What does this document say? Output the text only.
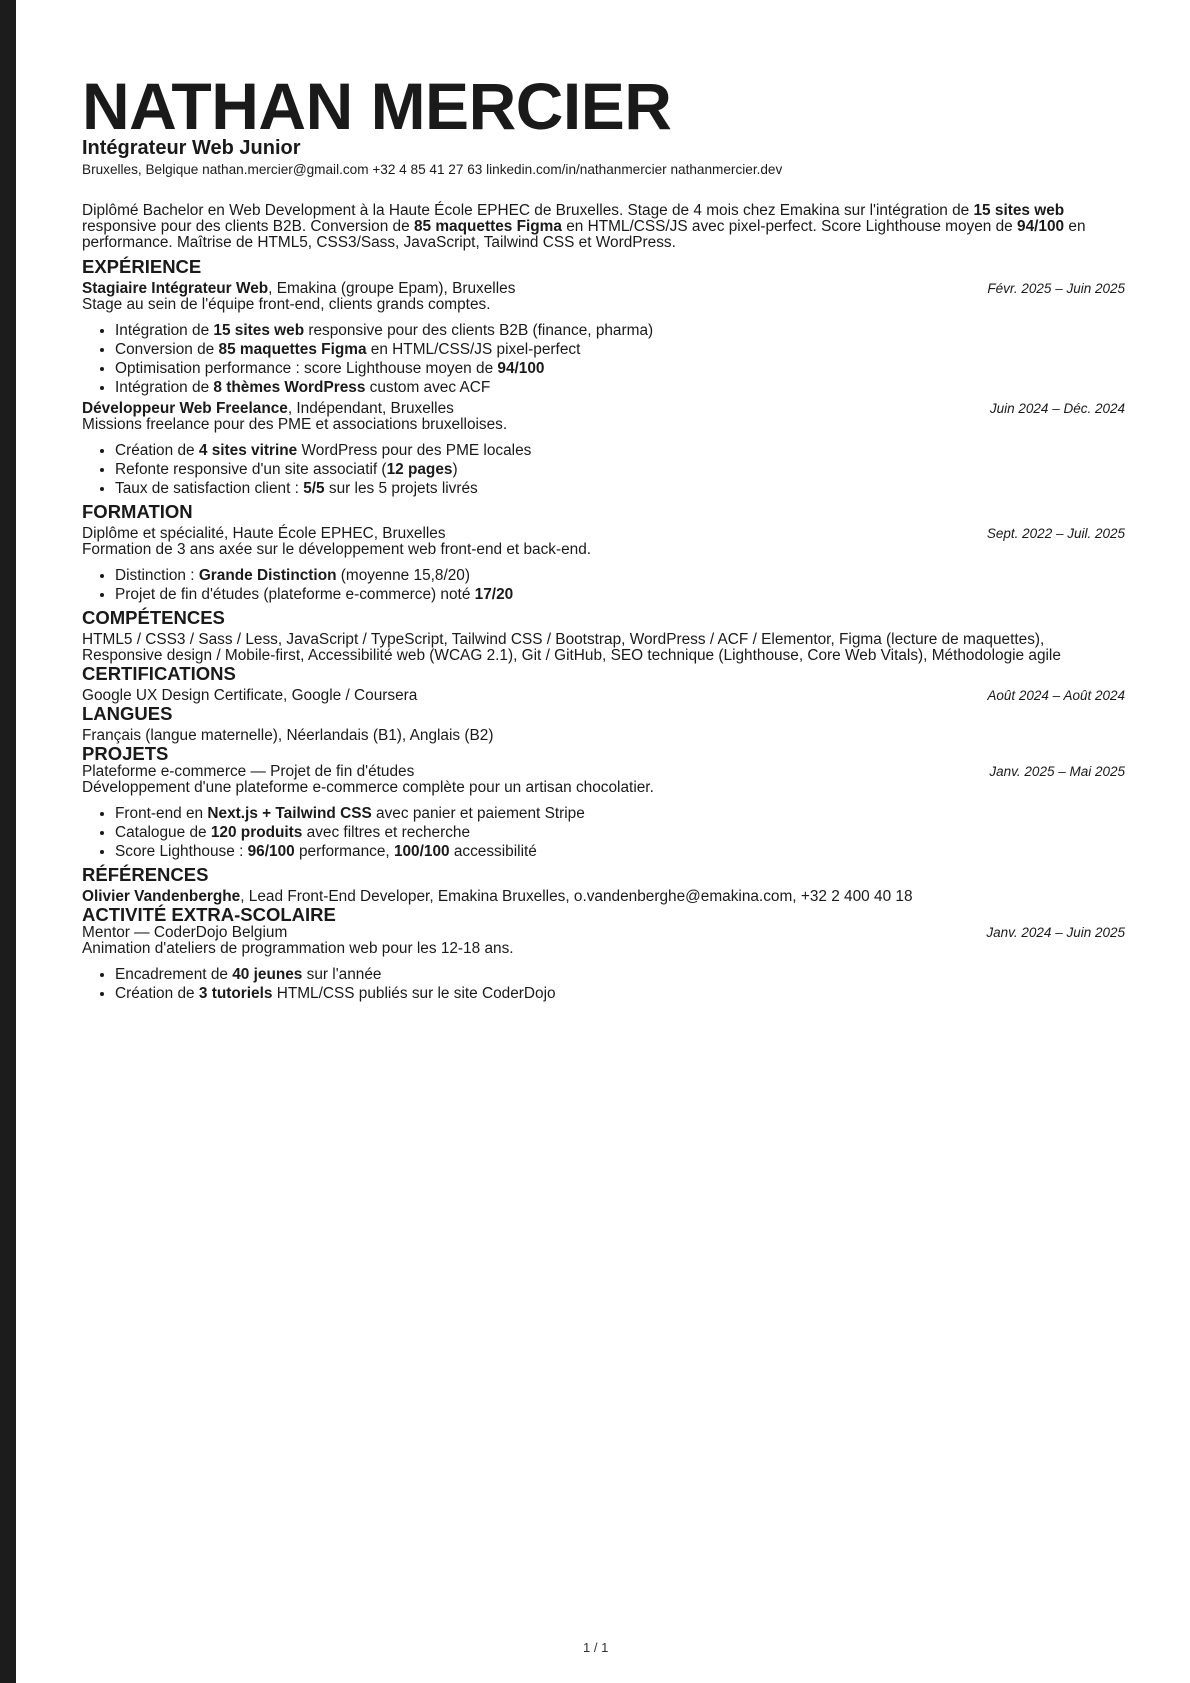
NATHAN MERCIER
Intégrateur Web Junior
Bruxelles, Belgique nathan.mercier@gmail.com +32 4 85 41 27 63 linkedin.com/in/nathanmercier nathanmercier.dev

Diplômé Bachelor en Web Development à la Haute École EPHEC de Bruxelles. Stage de 4 mois chez Emakina sur l'intégration de 15 sites web responsive pour des clients B2B. Conversion de 85 maquettes Figma en HTML/CSS/JS avec pixel-perfect. Score Lighthouse moyen de 94/100 en performance. Maîtrise de HTML5, CSS3/Sass, JavaScript, Tailwind CSS et WordPress.

EXPÉRIENCE
Stagiaire Intégrateur Web, Emakina (groupe Epam), Bruxelles	Févr. 2025 – Juin 2025

Stage au sein de l'équipe front-end, clients grands comptes.

• Intégration de 15 sites web responsive pour des clients B2B (finance, pharma)
• Conversion de 85 maquettes Figma en HTML/CSS/JS pixel-perfect
• Optimisation performance : score Lighthouse moyen de 94/100
• Intégration de 8 thèmes WordPress custom avec ACF
Développeur Web Freelance, Indépendant, Bruxelles	Juin 2024 – Déc. 2024

Missions freelance pour des PME et associations bruxelloises.

• Création de 4 sites vitrine WordPress pour des PME locales
• Refonte responsive d'un site associatif (12 pages)
• Taux de satisfaction client : 5/5 sur les 5 projets livrés
FORMATION
Diplôme et spécialité, Haute École EPHEC, Bruxelles	Sept. 2022 – Juil. 2025

Formation de 3 ans axée sur le développement web front-end et back-end.

• Distinction : Grande Distinction (moyenne 15,8/20)
• Projet de fin d'études (plateforme e-commerce) noté 17/20
COMPÉTENCES

HTML5 / CSS3 / Sass / Less, JavaScript / TypeScript, Tailwind CSS / Bootstrap, WordPress / ACF / Elementor, Figma (lecture de maquettes), Responsive design / Mobile-first, Accessibilité web (WCAG 2.1), Git / GitHub, SEO technique (Lighthouse, Core Web Vitals), Méthodologie agile

CERTIFICATIONS
Google UX Design Certificate, Google / Coursera	Août 2024 – Août 2024
LANGUES

Français (langue maternelle), Néerlandais (B1), Anglais (B2)

PROJETS
Plateforme e-commerce — Projet de fin d'études	Janv. 2025 – Mai 2025

Développement d'une plateforme e-commerce complète pour un artisan chocolatier.

• Front-end en Next.js + Tailwind CSS avec panier et paiement Stripe
• Catalogue de 120 produits avec filtres et recherche
• Score Lighthouse : 96/100 performance, 100/100 accessibilité
RÉFÉRENCES

Olivier Vandenberghe, Lead Front-End Developer, Emakina Bruxelles, o.vandenberghe@emakina.com, +32 2 400 40 18

ACTIVITÉ EXTRA-SCOLAIRE
Mentor — CoderDojo Belgium	Janv. 2024 – Juin 2025

Animation d'ateliers de programmation web pour les 12-18 ans.

• Encadrement de 40 jeunes sur l'année
• Création de 3 tutoriels HTML/CSS publiés sur le site CoderDojo
1 / 1
